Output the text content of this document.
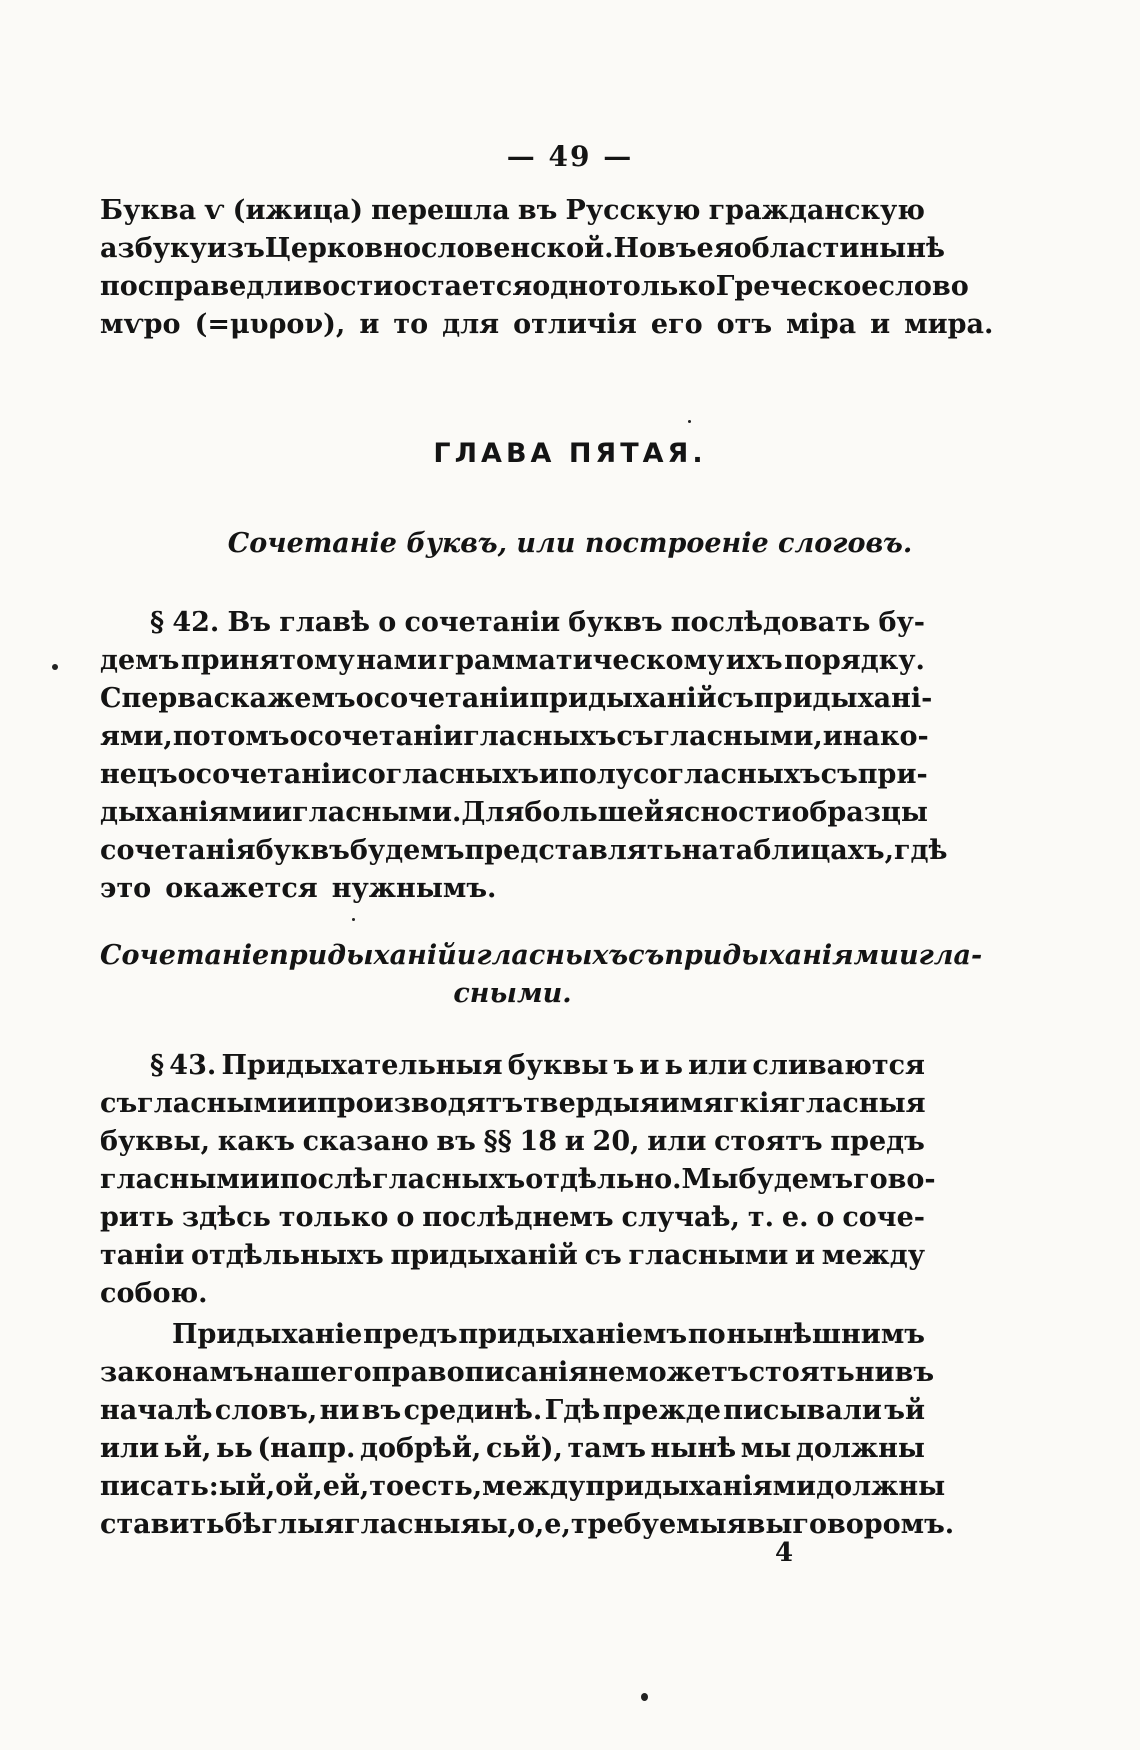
— 49 —
Буква ѵ (ижица) перешла въ Русскую гражданскую
азбуку изъ Церковнословенской. Но въ ея области нынѣ
по справедливости остается одно только Греческое слово
мѵро (=μυρον), и то для отличія его отъ міра и мира.
ГЛАВА ПЯТАЯ.
Сочетаніе буквъ, или построеніе слоговъ.
§ 42. Въ главѣ о сочетаніи буквъ послѣдовать бу-
демъ принятому нами грамматическому ихъ порядку.
Сперва скажемъ о сочетаніи придыханій съ придыхані-
ями, потомъ о сочетаніи гласныхъ съ гласными, и нако-
нецъ о сочетаніи согласныхъ и полусогласныхъ съ при-
дыханіями и гласными. Для большей ясности образцы
сочетанія буквъ будемъ представлять на таблицахъ, гдѣ
это окажется нужнымъ.
Сочетаніе придыханій и гласныхъ съ придыханіями и гла-
сными.
§ 43. Придыхательныя буквы ъ и ь или сливаются
съ гласными и производятъ твердыя и мягкія гласныя
буквы, какъ сказано въ §§ 18 и 20, или стоятъ предъ
гласными и послѣ гласныхъ отдѣльно. Мы будемъ гово-
рить здѣсь только о послѣднемъ случаѣ, т. е. о соче-
таніи отдѣльныхъ придыханій съ гласными и между
собою.
Придыханіе предъ придыханіемъ по нынѣшнимъ
законамъ нашего правописанія не можетъ стоять ни въ
началѣ словъ, ни въ срединѣ. Гдѣ прежде писывали ъй
или ьй, ьь (напр. добрѣй, сьй), тамъ нынѣ мы должны
писать: ый, ой, ей, то есть, между придыханіями должны
ставить бѣглыя гласныя ы, о, е, требуемыя выговоромъ.
4
